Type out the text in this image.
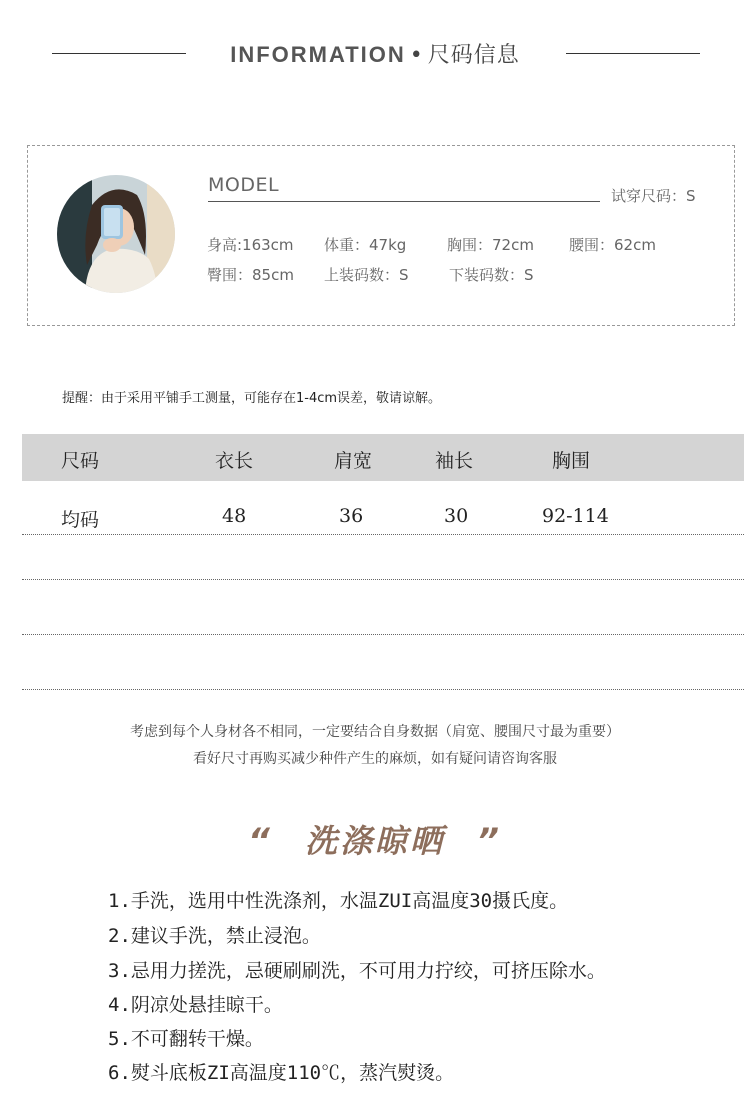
INFORMATION • 尺码信息
MODEL	试穿尺码：S
身高:163cm 体重：47kg	胸围：72cm 腰围：62cm
臀围：85cm 上装码数：S	下装码数：S
提醒：由于采用平铺手工测量，可能存在1-4cm误差，敬请谅解。
尺码	衣长	肩宽	袖长	胸围
均码	48	36	30	92-114
考虑到每个人身材各不相同，一定要结合自身数据（肩宽、腰围尺寸最为重要）
看好尺寸再购买减少种件产生的麻烦，如有疑问请咨询客服
“ 洗涤晾晒 ”
1.手洗，选用中性洗涤剂，水温ZUI高温度30摄氏度。
2.建议手洗，禁止浸泡。
3.忌用力搓洗，忌硬刷刷洗，不可用力拧绞，可挤压除水。
4.阴凉处悬挂晾干。
5.不可翻转干燥。
6.熨斗底板ZI高温度110℃，蒸汽熨烫。
